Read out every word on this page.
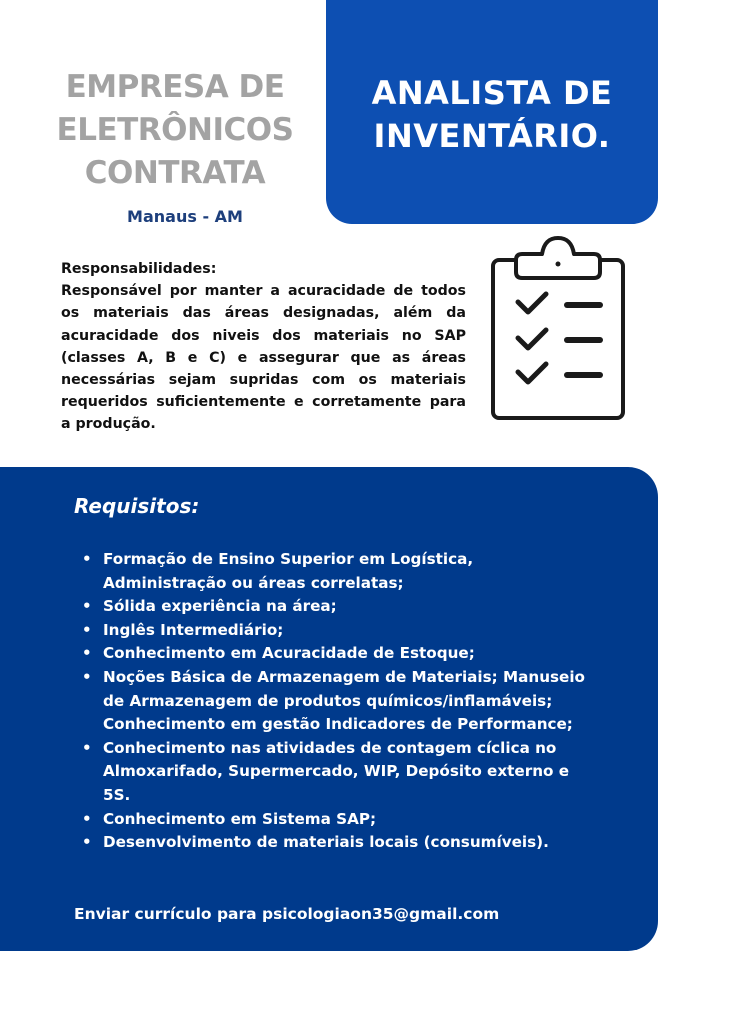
EMPRESA DE
ELETRÔNICOS
CONTRATA
Manaus - AM
ANALISTA DE
INVENTÁRIO.
Responsabilidades:
Responsável por manter a acuracidade de todos os materiais das áreas designadas, além da acuracidade dos niveis dos materiais no SAP (classes A, B e C) e assegurar que as áreas necessárias sejam supridas com os materiais requeridos suficientemente e corretamente para a produção.
Requisitos:
• Formação de Ensino Superior em Logística, Administração ou áreas correlatas;
• Sólida experiência na área;
• Inglês Intermediário;
• Conhecimento em Acuracidade de Estoque;
• Noções Básica de Armazenagem de Materiais; Manuseio de Armazenagem de produtos químicos/inflamáveis; Conhecimento em gestão Indicadores de Performance;
• Conhecimento nas atividades de contagem cíclica no Almoxarifado, Supermercado, WIP, Depósito externo e 5S.
• Conhecimento em Sistema SAP;
• Desenvolvimento de materiais locais (consumíveis).
Enviar currículo para psicologiaon35@gmail.com
